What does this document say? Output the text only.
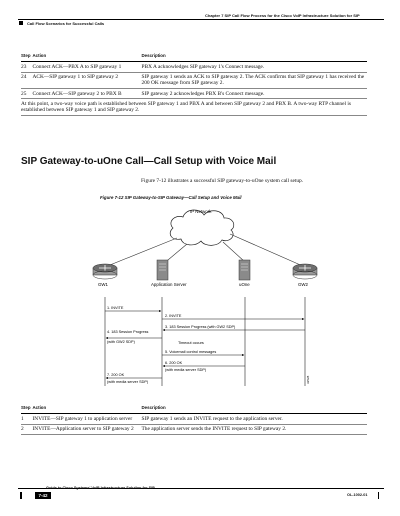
Chapter 7 SIP Call Flow Process for the Cisco VoIP Infrastructure Solution for SIP
Call Flow Scenarios for Successful Calls
Step	Action	Description
23	Connect ACK—PBX A to SIP gateway 1	PBX A acknowledges SIP gateway 1's Connect message.
24	ACK—SIP gateway 1 to SIP gateway 2	SIP gateway 1 sends an ACK to SIP gateway 2. The ACK confirms that SIP gateway 1 has received the 200 OK message from SIP gateway 2.
25	Connect ACK—SIP gateway 2 to PBX B	SIP gateway 2 acknowledges PBX B's Connect message.
At this point, a two-way voice path is established between SIP gateway 1 and PBX A and between SIP gateway 2 and PBX B. A two-way RTP channel is established between SIP gateway 1 and SIP gateway 2.		
SIP Gateway-to-uOne Call—Call Setup with Voice Mail
Figure 7-12 illustrates a successful SIP gateway-to-uOne system call setup.
Figure 7-12 SIP Gateway-to-SIP Gateway—Call Setup and Voice Mail
IP Network
GW1	Application Server	uOne	GW2
1. INVITE
2. INVITE
3. 183 Session Progress (with GW2 SDP)
4. 183 Session Progress
(with GW2 SDP)	Timeout occurs
5. Voicemail control messages
6. 200 OK
(with media server SDP)
7. 200 OK
(with media server SDP)	32528
Step	Action	Description
1	INVITE—SIP gateway 1 to application server	SIP gateway 1 sends an INVITE request to the application server.
2	INVITE—Application server to SIP gateway 2	The application server sends the INVITE request to SIP gateway 2.
Guide to Cisco Systems' VoIP Infrastructure Solution for SIP
7-42	OL-1002-01
